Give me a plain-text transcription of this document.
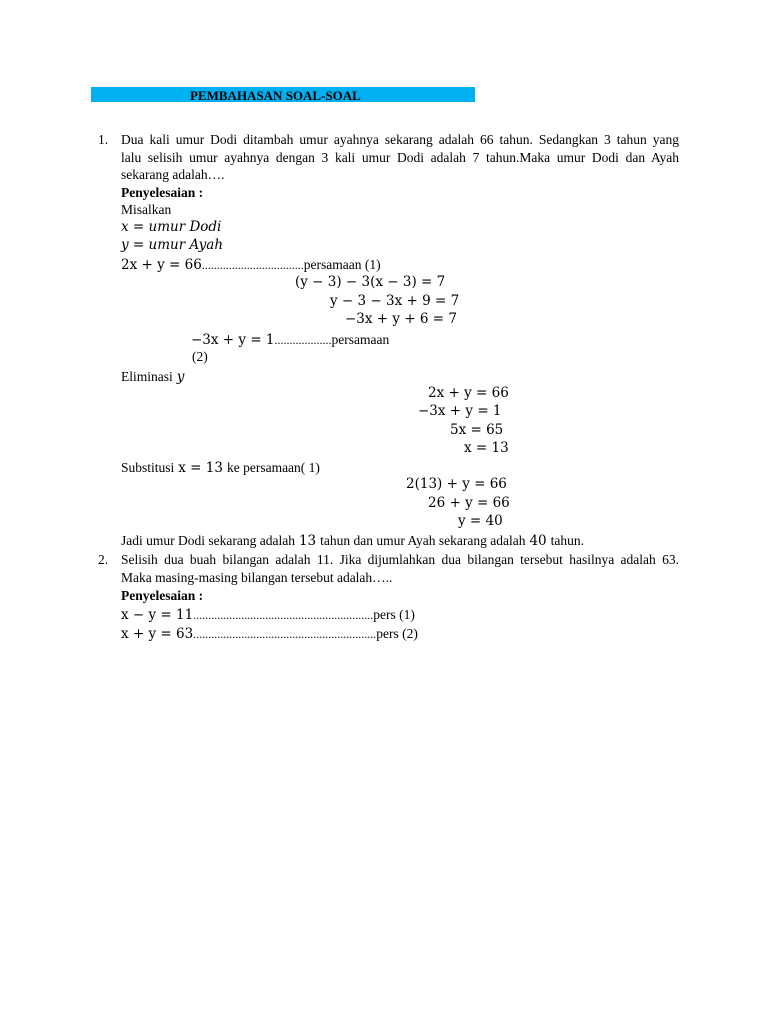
PEMBAHASAN SOAL-SOAL
1. Dua kali umur Dodi ditambah umur ayahnya sekarang adalah 66 tahun. Sedangkan 3 tahun yang
lalu selisih umur ayahnya dengan 3 kali umur Dodi adalah 7 tahun.Maka umur Dodi dan Ayah
sekarang adalah….
Penyelesaian :
Misalkan
x = umur Dodi
y = umur Ayah
2x + y = 66..................................persamaan (1)
(y − 3) − 3(x − 3) = 7
y − 3 − 3x + 9 = 7
−3x + y + 6 = 7
−3x + y = 1...................persamaan
(2)
Eliminasi y
2x + y = 66
−3x + y = 1
5x = 65
x = 13
Substitusi x = 13 ke persamaan( 1)
2(13) + y = 66
26 + y = 66
y = 40
Jadi umur Dodi sekarang adalah 13 tahun dan umur Ayah sekarang adalah 40 tahun.
2. Selisih dua buah bilangan adalah 11. Jika dijumlahkan dua bilangan tersebut hasilnya adalah 63.
Maka masing-masing bilangan tersebut adalah…..
Penyelesaian :
x − y = 11............................................................pers (1)
x + y = 63.............................................................pers (2)
